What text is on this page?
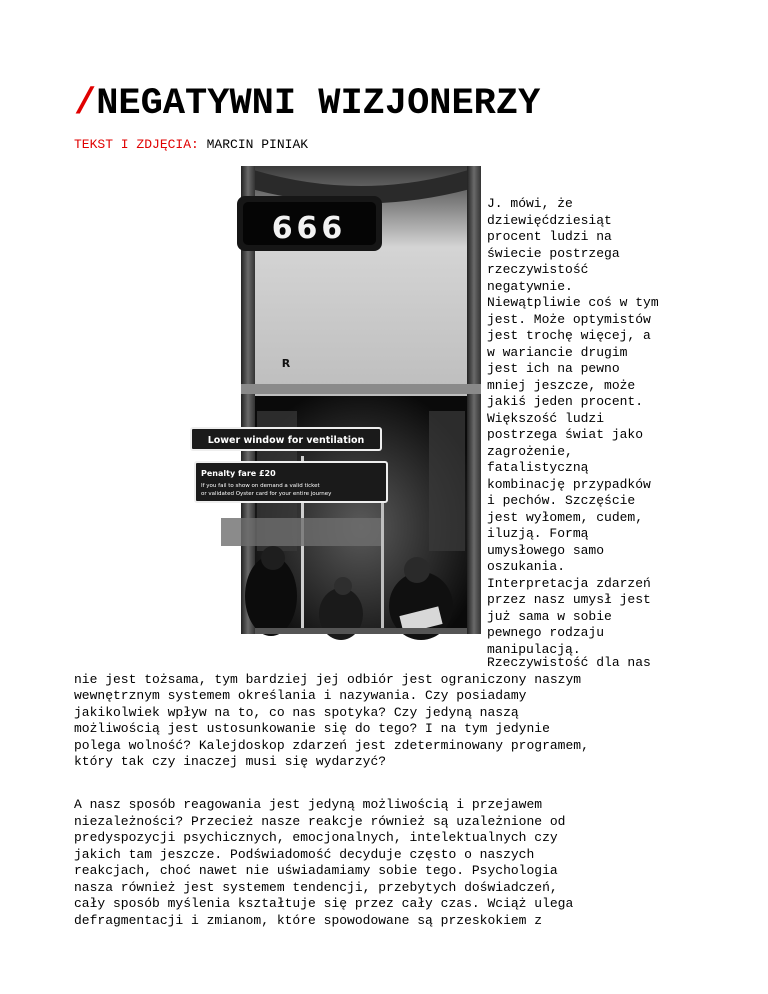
/NEGATYWNI WIZJONERZY
TEKST I ZDJĘCIA: MARCIN PINIAK
666
R
Lower window for ventilation
Penalty fare £20
If you fail to show on demand a valid ticket
or validated Oyster card for your entire journey
J. mówi, że
dziewięćdziesiąt
procent ludzi na
świecie postrzega
rzeczywistość
negatywnie.
Niewątpliwie coś w tym
jest. Może optymistów
jest trochę więcej, a
w wariancie drugim
jest ich na pewno
mniej jeszcze, może
jakiś jeden procent.
Większość ludzi
postrzega świat jako
zagrożenie,
fatalistyczną
kombinację przypadków
i pechów. Szczęście
jest wyłomem, cudem,
iluzją. Formą
umysłowego samo
oszukania.
Interpretacja zdarzeń
przez nasz umysł jest
już sama w sobie
pewnego rodzaju
manipulacją.
Rzeczywistość dla nas
nie jest tożsama, tym bardziej jej odbiór jest ograniczony naszym
wewnętrznym systemem określania i nazywania. Czy posiadamy
jakikolwiek wpływ na to, co nas spotyka? Czy jedyną naszą
możliwością jest ustosunkowanie się do tego? I na tym jedynie
polega wolność? Kalejdoskop zdarzeń jest zdeterminowany programem,
który tak czy inaczej musi się wydarzyć?
A nasz sposób reagowania jest jedyną możliwością i przejawem
niezależności? Przecież nasze reakcje również są uzależnione od
predyspozycji psychicznych, emocjonalnych, intelektualnych czy
jakich tam jeszcze. Podświadomość decyduje często o naszych
reakcjach, choć nawet nie uświadamiamy sobie tego. Psychologia
nasza również jest systemem tendencji, przebytych doświadczeń,
cały sposób myślenia kształtuje się przez cały czas. Wciąż ulega
defragmentacji i zmianom, które spowodowane są przeskokiem z
